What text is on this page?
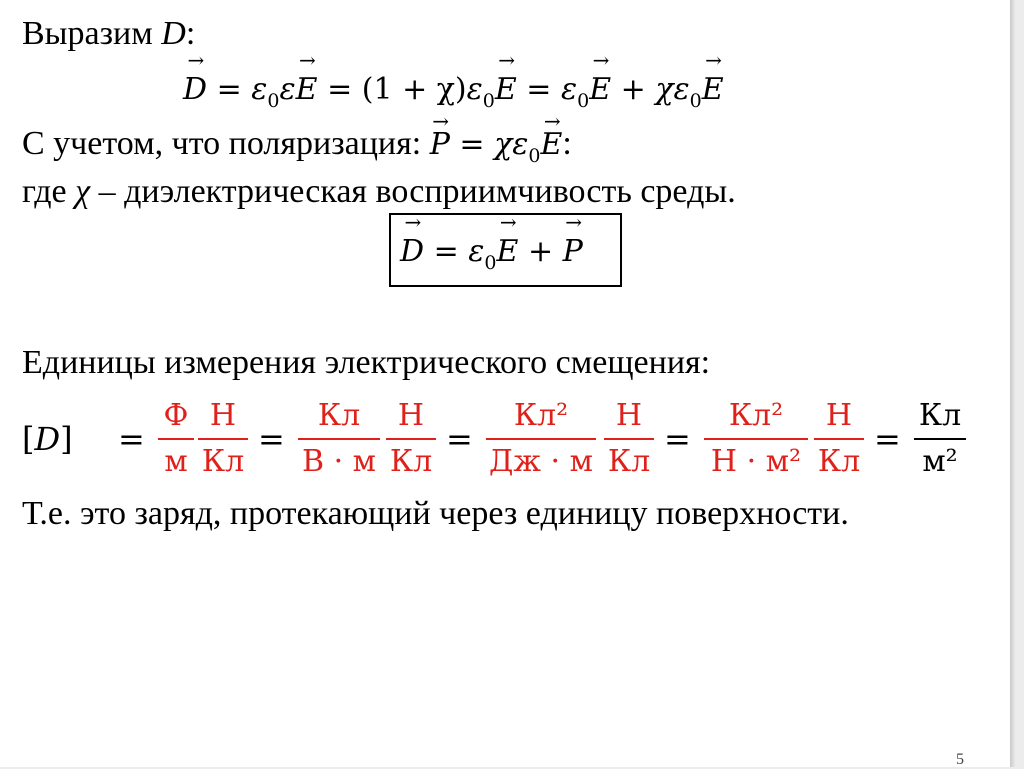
Выразим D:
→ $D = \varepsilon_0\varepsilon\to E = (1 + \chi)\varepsilon_0\to E = \varepsilon_0\to E + \chi\varepsilon_0\to E$
С учетом, что поляризация: → $P = \chi\varepsilon_0\to E$:
где χ – диэлектрическая восприимчивость среды.
→ $D = \varepsilon_0\to E$ + → P
Единицы измерения электрического смещения:
[D] =
Ф
м
Н
Кл
=
Кл
В · м
Н
Кл
=
Кл²
Дж · м
Н
Кл
=
Кл²
Н · м²
Н
Кл
=
Кл
м²
Т.е. это заряд, протекающий через единицу поверхности.
5
